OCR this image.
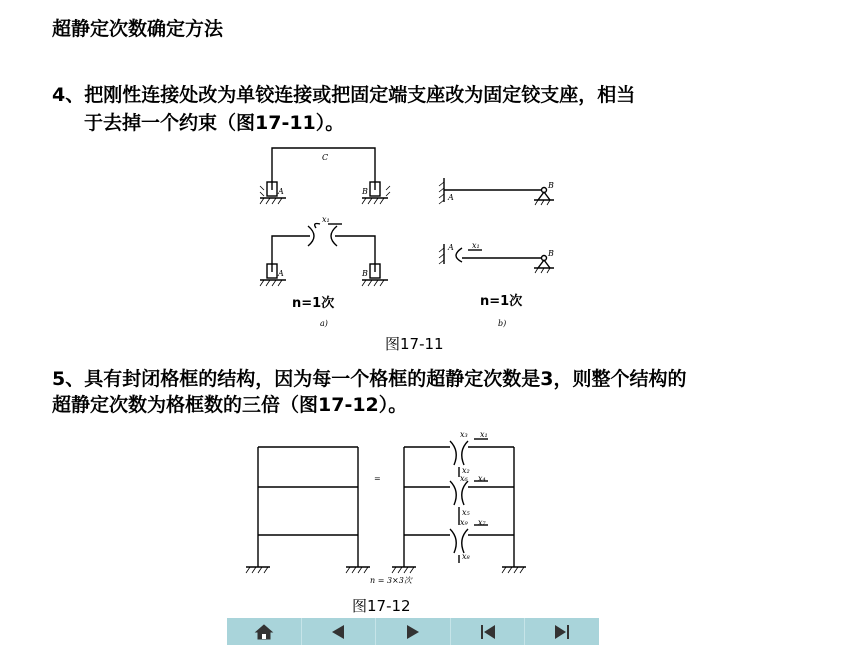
超静定次数确定方法
4、把刚性连接处改为单铰连接或把固定端支座改为固定铰支座，相当
于去掉一个约束（图17-11）。
C
A	B
x₁
A	B
A
B
A x₁
B
a)	b)
n=1次	n=1次
图17-11
5、具有封闭格框的结构，因为每一个格框的超静定次数是3，则整个结构的
超静定次数为格框数的三倍（图17-12）。
=
x₁
x₂
x₃
x₄
x₅
x₆
x₇
x₈
x₉
n = 3×3次
图17-12
